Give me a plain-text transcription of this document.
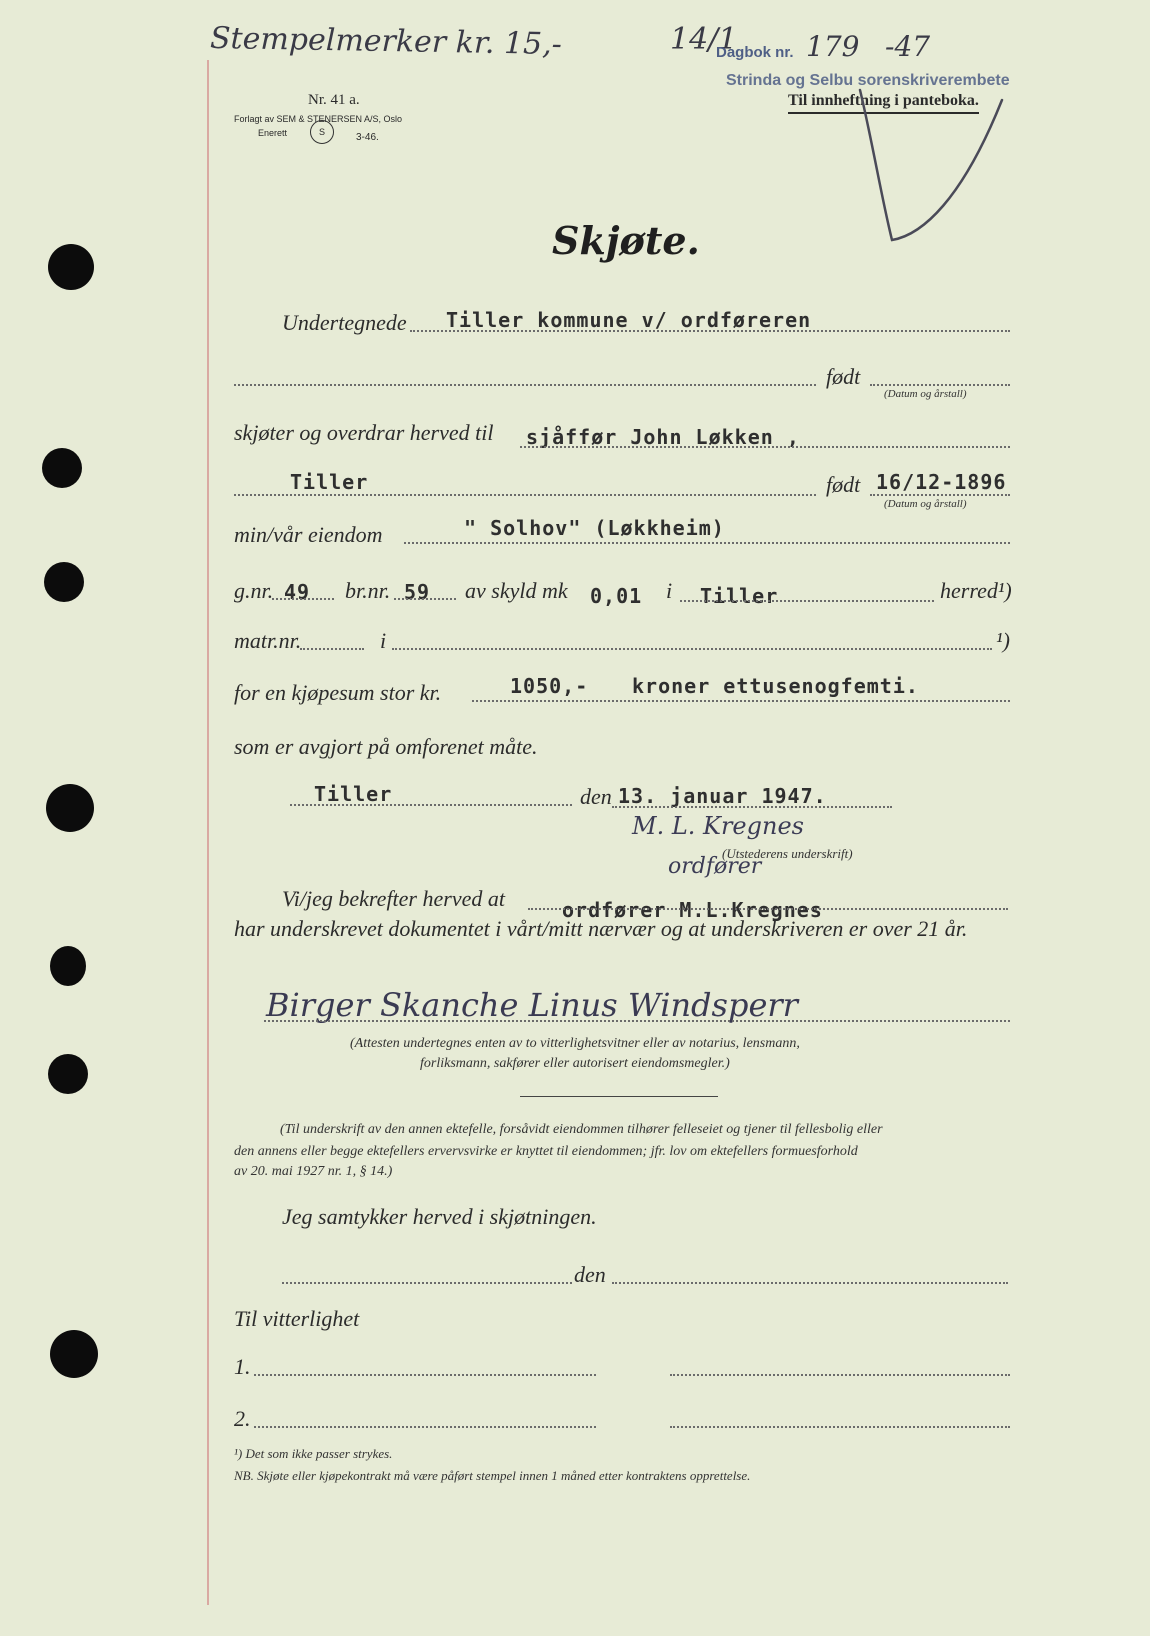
Stempelmerker kr. 15,-	14/1
Dagbok nr. 179 -47
Strinda og Selbu sorenskriverembete
Til innheftning i panteboka.
Nr. 41 a.
Forlagt av SEM & STENERSEN A/S, Oslo
Enerett	S	3-46.
Skjøte.
Undertegnede Tiller kommune v/ ordføreren
født
(Datum og årstall)
skjøter og overdrar herved til sjåffør John Løkken ,
Tiller	født 16/12-1896
(Datum og årstall)
min/vår eiendom	" Solhov" (Løkkheim)
g.nr. 49 br.nr. 59 av skyld mk 0,01 i Tiller	herred¹)
matr.nr.	i	¹)
for en kjøpesum stor kr.	1050,- kroner ettusenogfemti.
som er avgjort på omforenet måte.
Tiller	den 13. januar 1947.
M. L. Kregnes
(Utstederens underskrift)
ordfører
Vi/jeg bekrefter herved at	ordfører M.L.Kregnes
har underskrevet dokumentet i vårt/mitt nærvær og at underskriveren er over 21 år.
Birger Skanche Linus Windsperr
(Attesten undertegnes enten av to vitterlighetsvitner eller av notarius, lensmann,
forliksmann, sakfører eller autorisert eiendomsmegler.)
(Til underskrift av den annen ektefelle, forsåvidt eiendommen tilhører felleseiet og tjener til fellesbolig eller
den annens eller begge ektefellers ervervsvirke er knyttet til eiendommen; jfr. lov om ektefellers formuesforhold
av 20. mai 1927 nr. 1, § 14.)
Jeg samtykker herved i skjøtningen.
den
Til vitterlighet
1.
2.
¹) Det som ikke passer strykes.
NB. Skjøte eller kjøpekontrakt må være påført stempel innen 1 måned etter kontraktens opprettelse.
